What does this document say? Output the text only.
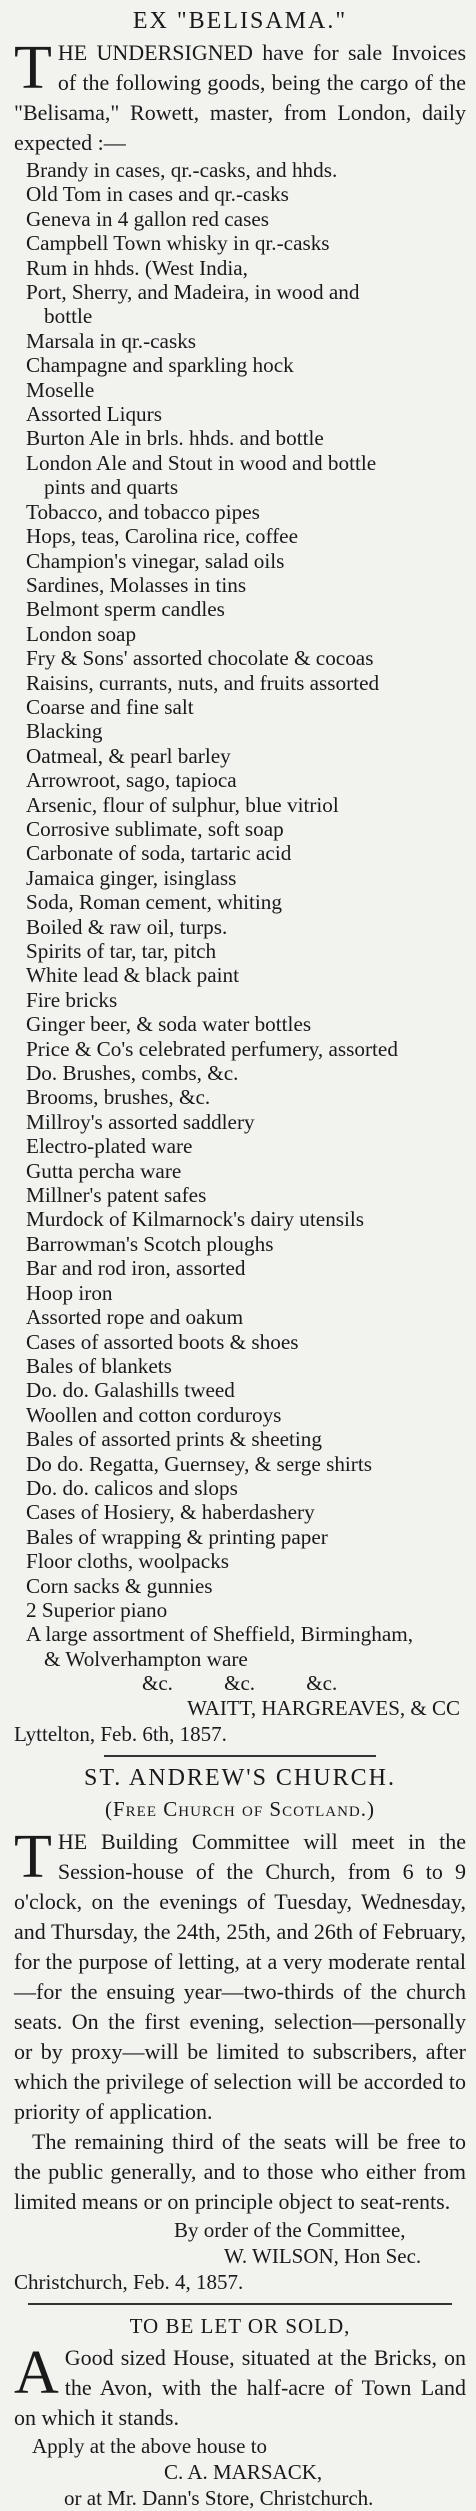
EX "BELISAMA."

THE UNDERSIGNED have for sale Invoices of the following goods, being the cargo of the "Belisama," Rowett, master, from London, daily expected :—

Brandy in cases, qr.-casks, and hhds.

Old Tom in cases and qr.-casks

Geneva in 4 gallon red cases

Campbell Town whisky in qr.-casks

Rum in hhds. (West India,

Port, Sherry, and Madeira, in wood and
bottle

Marsala in qr.-casks

Champagne and sparkling hock

Moselle

Assorted Liqurs

Burton Ale in brls. hhds. and bottle

London Ale and Stout in wood and bottle
pints and quarts

Tobacco, and tobacco pipes

Hops, teas, Carolina rice, coffee

Champion's vinegar, salad oils

Sardines, Molasses in tins

Belmont sperm candles

London soap

Fry & Sons' assorted chocolate & cocoas

Raisins, currants, nuts, and fruits assorted

Coarse and fine salt

Blacking

Oatmeal, & pearl barley

Arrowroot, sago, tapioca

Arsenic, flour of sulphur, blue vitriol

Corrosive sublimate, soft soap

Carbonate of soda, tartaric acid

Jamaica ginger, isinglass

Soda, Roman cement, whiting

Boiled & raw oil, turps.

Spirits of tar, tar, pitch

White lead & black paint

Fire bricks

Ginger beer, & soda water bottles

Price & Co's celebrated perfumery, assorted

Do. Brushes, combs, &c.

Brooms, brushes, &c.

Millroy's assorted saddlery

Electro-plated ware

Gutta percha ware

Millner's patent safes

Murdock of Kilmarnock's dairy utensils

Barrowman's Scotch ploughs

Bar and rod iron, assorted

Hoop iron

Assorted rope and oakum

Cases of assorted boots & shoes

Bales of blankets

Do. do. Galashills tweed

Woollen and cotton corduroys

Bales of assorted prints & sheeting

Do do. Regatta, Guernsey, & serge shirts

Do. do. calicos and slops

Cases of Hosiery, & haberdashery

Bales of wrapping & printing paper

Floor cloths, woolpacks

Corn sacks & gunnies

2 Superior piano

A large assortment of Sheffield, Birmingham,
& Wolverhampton ware

&c. &c. &c.

WAITT, HARGREAVES, & CC

Lyttelton, Feb. 6th, 1857.

ST. ANDREW'S CHURCH.
(Free Church of Scotland.)

THE Building Committee will meet in the Session-house of the Church, from 6 to 9 o'clock, on the evenings of Tuesday, Wednesday, and Thursday, the 24th, 25th, and 26th of February, for the purpose of letting, at a very moderate rental—for the ensuing year—two-thirds of the church seats. On the first evening, selection—personally or by proxy—will be limited to subscribers, after which the privilege of selection will be accorded to priority of application.

The remaining third of the seats will be free to the public generally, and to those who either from limited means or on principle object to seat-rents.

By order of the Committee,

W. WILSON, Hon Sec.

Christchurch, Feb. 4, 1857.

TO BE LET OR SOLD,

A Good sized House, situated at the Bricks, on the Avon, with the half-acre of Town Land on which it stands.

Apply at the above house to

C. A. MARSACK,

or at Mr. Dann's Store, Christchurch.
